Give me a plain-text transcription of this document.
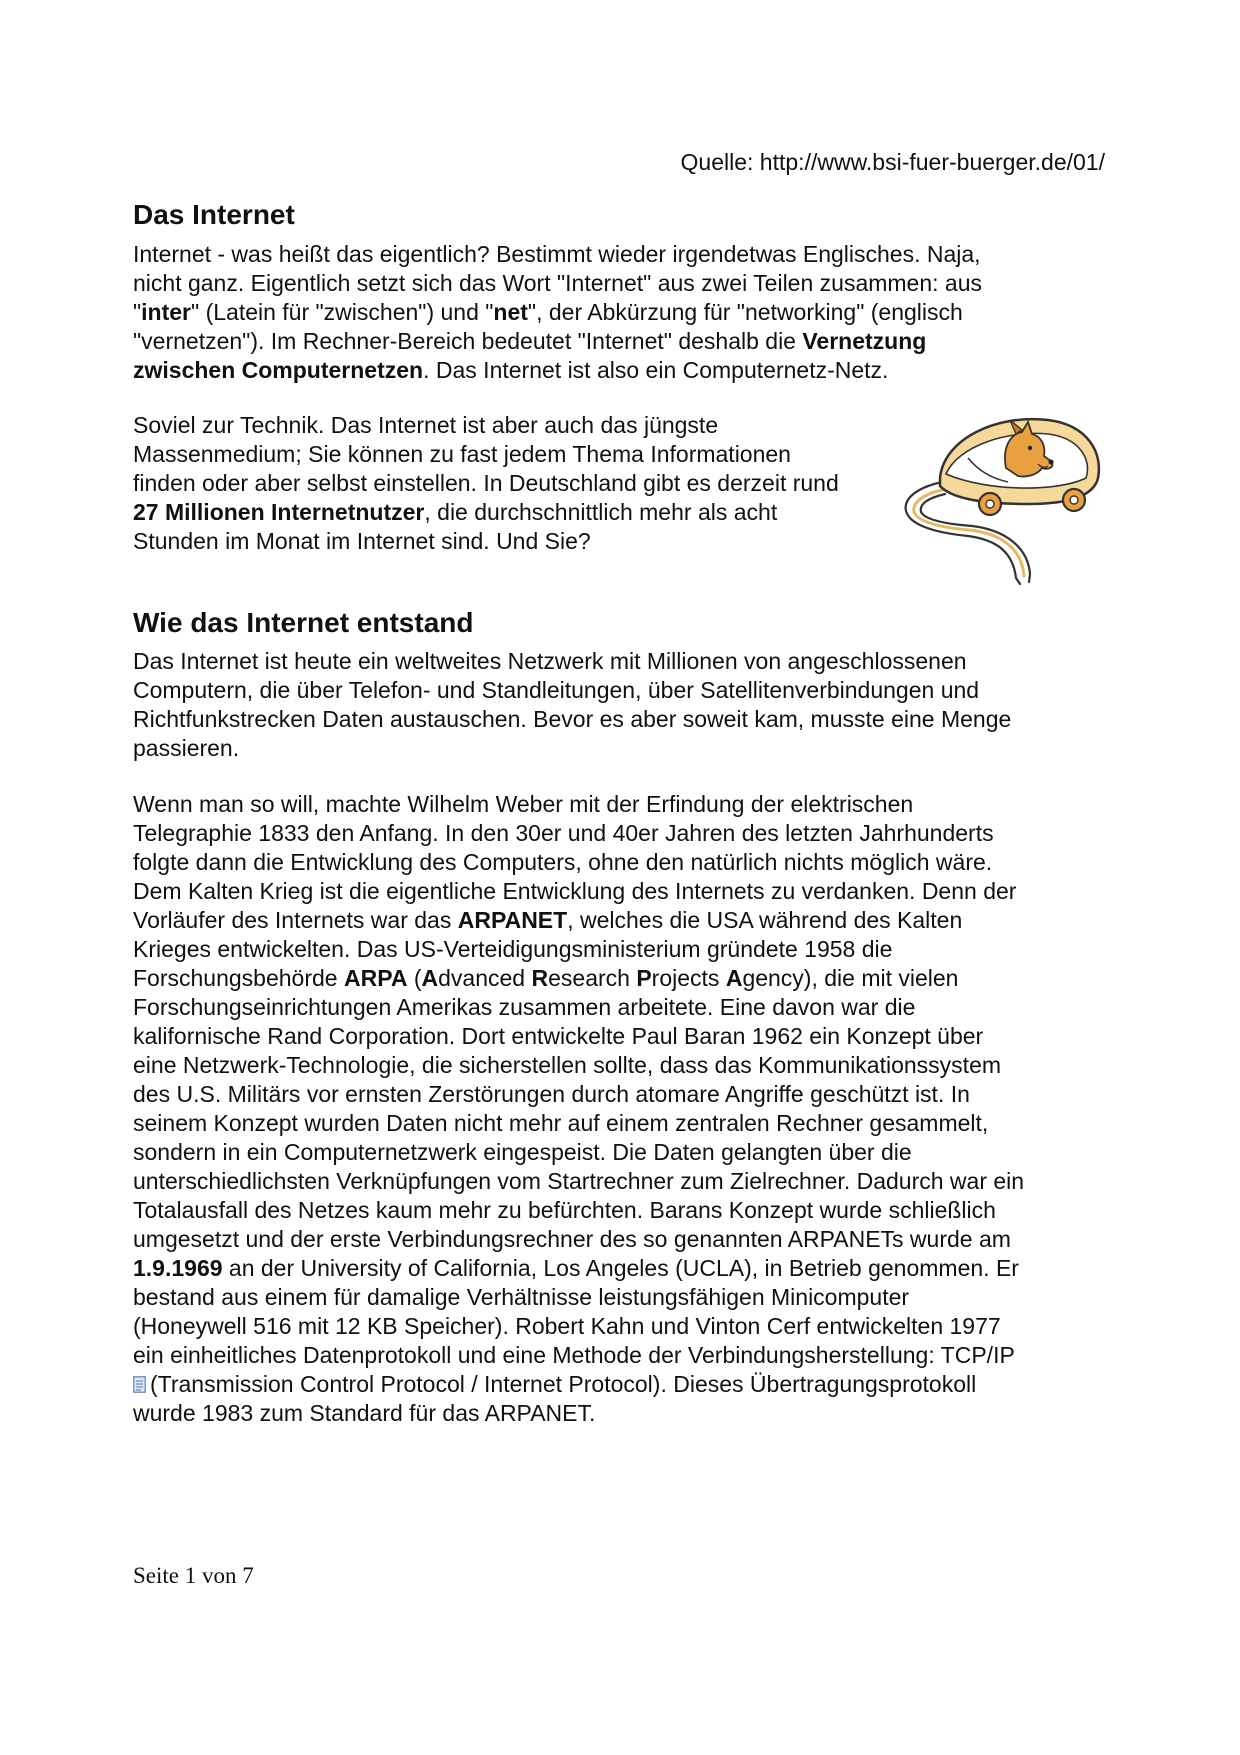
Quelle: http://www.bsi-fuer-buerger.de/01/
Das Internet

Internet - was heißt das eigentlich? Bestimmt wieder irgendetwas Englisches. Naja,
nicht ganz. Eigentlich setzt sich das Wort "Internet" aus zwei Teilen zusammen: aus
"inter" (Latein für "zwischen") und "net", der Abkürzung für "networking" (englisch
"vernetzen"). Im Rechner-Bereich bedeutet "Internet" deshalb die Vernetzung
zwischen Computernetzen. Das Internet ist also ein Computernetz-Netz.

Soviel zur Technik. Das Internet ist aber auch das jüngste
Massenmedium; Sie können zu fast jedem Thema Informationen
finden oder aber selbst einstellen. In Deutschland gibt es derzeit rund
27 Millionen Internetnutzer, die durchschnittlich mehr als acht
Stunden im Monat im Internet sind. Und Sie?

Wie das Internet entstand

Das Internet ist heute ein weltweites Netzwerk mit Millionen von angeschlossenen
Computern, die über Telefon- und Standleitungen, über Satellitenverbindungen und
Richtfunkstrecken Daten austauschen. Bevor es aber soweit kam, musste eine Menge
passieren.

Wenn man so will, machte Wilhelm Weber mit der Erfindung der elektrischen
Telegraphie 1833 den Anfang. In den 30er und 40er Jahren des letzten Jahrhunderts
folgte dann die Entwicklung des Computers, ohne den natürlich nichts möglich wäre.
Dem Kalten Krieg ist die eigentliche Entwicklung des Internets zu verdanken. Denn der
Vorläufer des Internets war das ARPANET, welches die USA während des Kalten
Krieges entwickelten. Das US-Verteidigungsministerium gründete 1958 die
Forschungsbehörde ARPA (Advanced Research Projects Agency), die mit vielen
Forschungseinrichtungen Amerikas zusammen arbeitete. Eine davon war die
kalifornische Rand Corporation. Dort entwickelte Paul Baran 1962 ein Konzept über
eine Netzwerk-Technologie, die sicherstellen sollte, dass das Kommunikationssystem
des U.S. Militärs vor ernsten Zerstörungen durch atomare Angriffe geschützt ist. In
seinem Konzept wurden Daten nicht mehr auf einem zentralen Rechner gesammelt,
sondern in ein Computernetzwerk eingespeist. Die Daten gelangten über die
unterschiedlichsten Verknüpfungen vom Startrechner zum Zielrechner. Dadurch war ein
Totalausfall des Netzes kaum mehr zu befürchten. Barans Konzept wurde schließlich
umgesetzt und der erste Verbindungsrechner des so genannten ARPANETs wurde am
1.9.1969 an der University of California, Los Angeles (UCLA), in Betrieb genommen. Er
bestand aus einem für damalige Verhältnisse leistungsfähigen Minicomputer
(Honeywell 516 mit 12 KB Speicher). Robert Kahn und Vinton Cerf entwickelten 1977
ein einheitliches Datenprotokoll und eine Methode der Verbindungsherstellung: TCP/IP
(Transmission Control Protocol / Internet Protocol). Dieses Übertragungsprotokoll
wurde 1983 zum Standard für das ARPANET.

Seite 1 von 7
